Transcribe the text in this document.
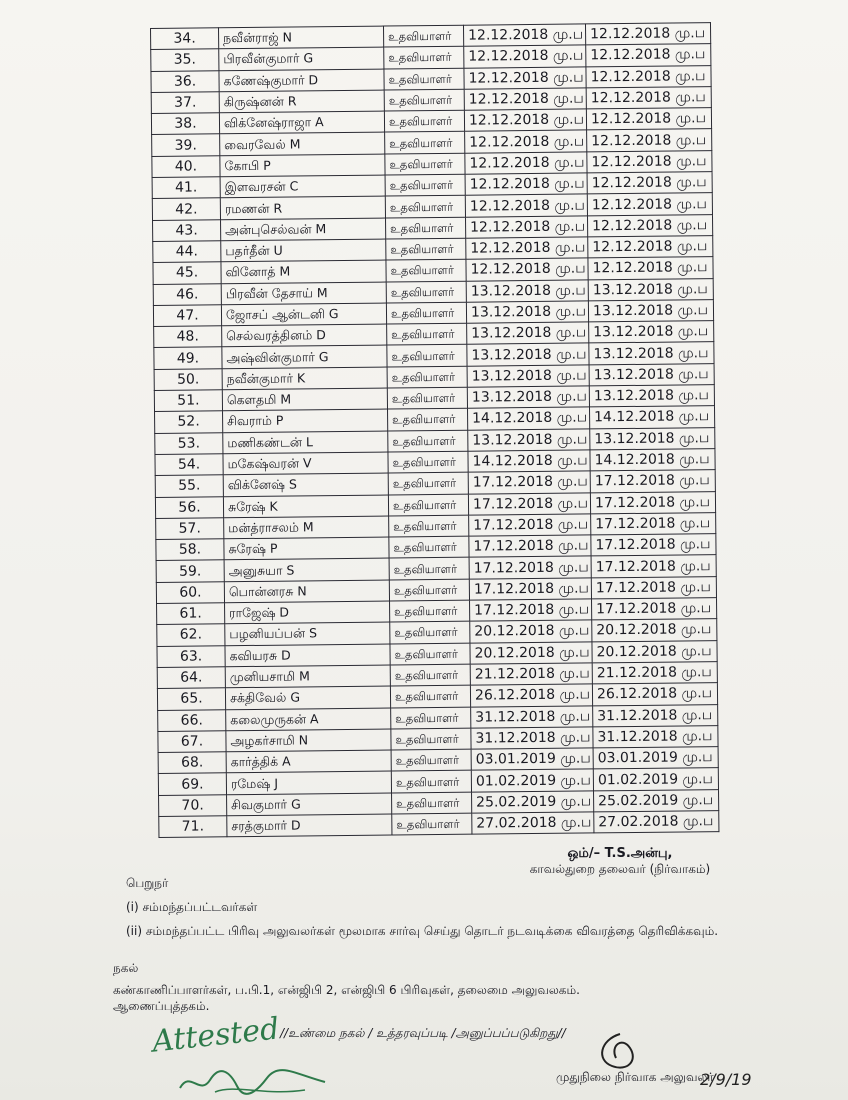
34.	நவீன்ராஜ் N	உதவியாளர்	12.12.2018 மு.ப	12.12.2018 மு.ப
35.	பிரவீன்குமார் G	உதவியாளர்	12.12.2018 மு.ப	12.12.2018 மு.ப
36.	கணேஷ்குமார் D	உதவியாளர்	12.12.2018 மு.ப	12.12.2018 மு.ப
37.	கிருஷ்னன் R	உதவியாளர்	12.12.2018 மு.ப	12.12.2018 மு.ப
38.	விக்னேஷ்ராஜா A	உதவியாளர்	12.12.2018 மு.ப	12.12.2018 மு.ப
39.	வைரவேல் M	உதவியாளர்	12.12.2018 மு.ப	12.12.2018 மு.ப
40.	கோபி P	உதவியாளர்	12.12.2018 மு.ப	12.12.2018 மு.ப
41.	இளவரசன் C	உதவியாளர்	12.12.2018 மு.ப	12.12.2018 மு.ப
42.	ரமணன் R	உதவியாளர்	12.12.2018 மு.ப	12.12.2018 மு.ப
43.	அன்புசெல்வன் M	உதவியாளர்	12.12.2018 மு.ப	12.12.2018 மு.ப
44.	பதர்தீன் U	உதவியாளர்	12.12.2018 மு.ப	12.12.2018 மு.ப
45.	வினோத் M	உதவியாளர்	12.12.2018 மு.ப	12.12.2018 மு.ப
46.	பிரவீன் தேசாய் M	உதவியாளர்	13.12.2018 மு.ப	13.12.2018 மு.ப
47.	ஜோசப் ஆன்டனி G	உதவியாளர்	13.12.2018 மு.ப	13.12.2018 மு.ப
48.	செல்வரத்தினம் D	உதவியாளர்	13.12.2018 மு.ப	13.12.2018 மு.ப
49.	அஷ்வின்குமார் G	உதவியாளர்	13.12.2018 மு.ப	13.12.2018 மு.ப
50.	நவீன்குமார் K	உதவியாளர்	13.12.2018 மு.ப	13.12.2018 மு.ப
51.	கௌதமி M	உதவியாளர்	13.12.2018 மு.ப	13.12.2018 மு.ப
52.	சிவராம் P	உதவியாளர்	14.12.2018 மு.ப	14.12.2018 மு.ப
53.	மணிகண்டன் L	உதவியாளர்	13.12.2018 மு.ப	13.12.2018 மு.ப
54.	மகேஷ்வரன் V	உதவியாளர்	14.12.2018 மு.ப	14.12.2018 மு.ப
55.	விக்னேஷ் S	உதவியாளர்	17.12.2018 மு.ப	17.12.2018 மு.ப
56.	சுரேஷ் K	உதவியாளர்	17.12.2018 மு.ப	17.12.2018 மு.ப
57.	மன்த்ராசலம் M	உதவியாளர்	17.12.2018 மு.ப	17.12.2018 மு.ப
58.	சுரேஷ் P	உதவியாளர்	17.12.2018 மு.ப	17.12.2018 மு.ப
59.	அனுசுயா S	உதவியாளர்	17.12.2018 மு.ப	17.12.2018 மு.ப
60.	பொன்னரசு N	உதவியாளர்	17.12.2018 மு.ப	17.12.2018 மு.ப
61.	ராஜேஷ் D	உதவியாளர்	17.12.2018 மு.ப	17.12.2018 மு.ப
62.	பழனியப்பன் S	உதவியாளர்	20.12.2018 மு.ப	20.12.2018 மு.ப
63.	கவியரசு D	உதவியாளர்	20.12.2018 மு.ப	20.12.2018 மு.ப
64.	முனியசாமி M	உதவியாளர்	21.12.2018 மு.ப	21.12.2018 மு.ப
65.	சக்திவேல் G	உதவியாளர்	26.12.2018 மு.ப	26.12.2018 மு.ப
66.	கலைமுருகன் A	உதவியாளர்	31.12.2018 மு.ப	31.12.2018 மு.ப
67.	அழகர்சாமி N	உதவியாளர்	31.12.2018 மு.ப	31.12.2018 மு.ப
68.	கார்த்திக் A	உதவியாளர்	03.01.2019 மு.ப	03.01.2019 மு.ப
69.	ரமேஷ் J	உதவியாளர்	01.02.2019 மு.ப	01.02.2019 மு.ப
70.	சிவகுமார் G	உதவியாளர்	25.02.2019 மு.ப	25.02.2019 மு.ப
71.	சரத்குமார் D	உதவியாளர்	27.02.2018 மு.ப	27.02.2018 மு.ப
ஒம்/– T.S.அன்பு,
காவல்துறை தலைவர் (நிர்வாகம்)
பெறுநர்
(i) சம்மந்தப்பட்டவர்கள்
(ii) சம்மந்தப்பட்ட பிரிவு அலுவலர்கள் மூலமாக சார்வு செய்து தொடர் நடவடிக்கை விவரத்தை தெரிவிக்கவும்.
நகல்
கண்காணிப்பாளர்கள், ப.பி.1, என்ஜிபி 2, என்ஜிபி 6 பிரிவுகள், தலைமை அலுவலகம்.
ஆணைப்புத்தகம்.
Attested //உண்மை நகல் / உத்தரவுப்படி /அனுப்பப்படுகிறது//
முதுநிலை நிர்வாக அலுவலர்
2/9/19
